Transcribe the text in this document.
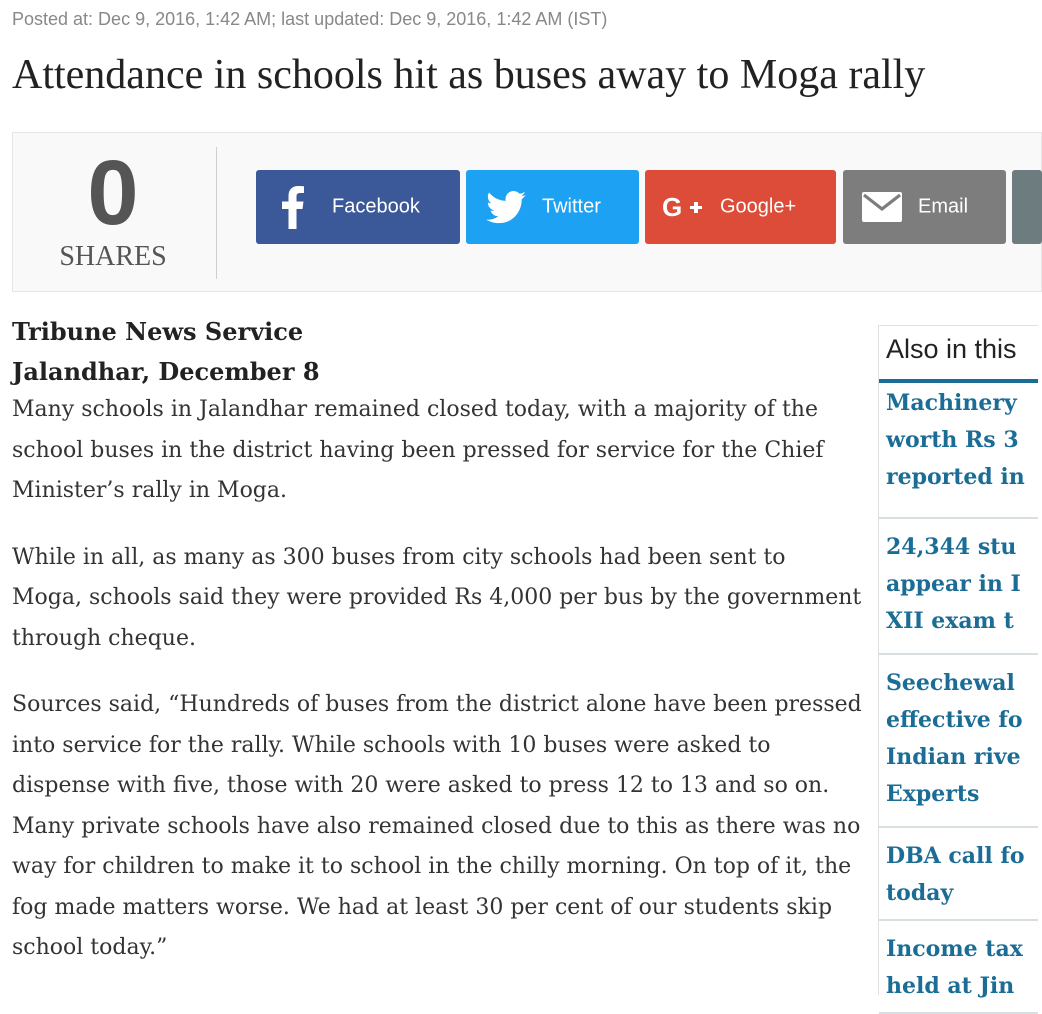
Posted at: Dec 9, 2016, 1:42 AM; last updated: Dec 9, 2016, 1:42 AM (IST)
Attendance in schools hit as buses away to Moga rally
0
SHARES
Facebook	Twitter G Google+	Email
Tribune News Service
Jalandhar, December 8

Many schools in Jalandhar remained closed today, with a majority of the school buses in the district having been pressed for service for the Chief Minister’s rally in Moga.

While in all, as many as 300 buses from city schools had been sent to Moga, schools said they were provided Rs 4,000 per bus by the government through cheque.

Sources said, “Hundreds of buses from the district alone have been pressed into service for the rally. While schools with 10 buses were asked to dispense with five, those with 20 were asked to press 12 to 13 and so on. Many private schools have also remained closed due to this as there was no way for children to make it to school in the chilly morning. On top of it, the fog made matters worse. We had at least 30 per cent of our students skip school today.”

Also in this
Machinery
worth Rs 3
reported in
24,344 stu
appear in I
XII exam t
Seechewal
effective fo
Indian rive
Experts
DBA call fo
today
Income tax
held at Jin
